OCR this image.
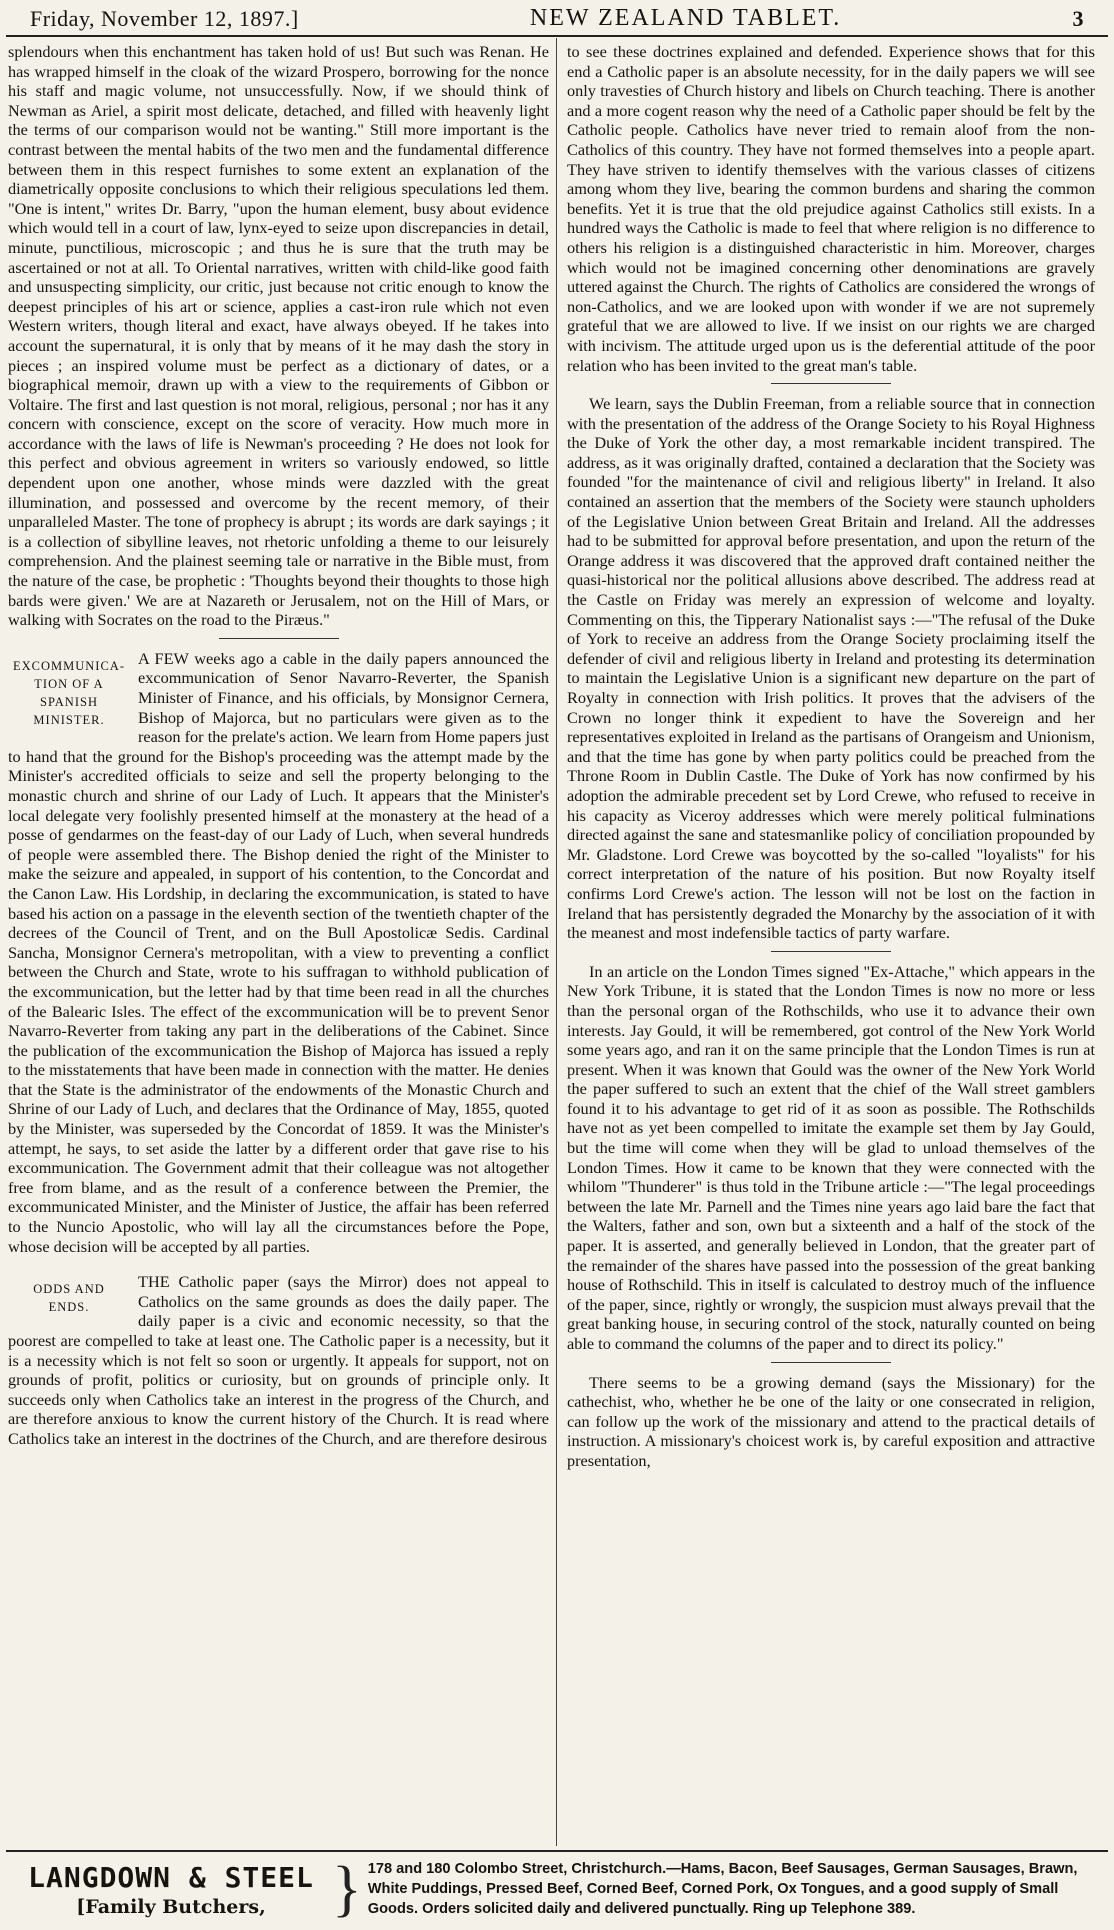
Friday, November 12, 1897.]	NEW ZEALAND TABLET.	3

splendours when this enchantment has taken hold of us! But such was Renan. He has wrapped himself in the cloak of the wizard Prospero, borrowing for the nonce his staff and magic volume, not unsuccessfully. Now, if we should think of Newman as Ariel, a spirit most delicate, detached, and filled with heavenly light the terms of our comparison would not be wanting." Still more important is the contrast between the mental habits of the two men and the fundamental difference between them in this respect furnishes to some extent an explanation of the diametrically opposite conclusions to which their religious speculations led them. "One is intent," writes Dr. Barry, "upon the human element, busy about evidence which would tell in a court of law, lynx-eyed to seize upon discrepancies in detail, minute, punctilious, microscopic ; and thus he is sure that the truth may be ascertained or not at all. To Oriental narratives, written with child-like good faith and unsuspecting simplicity, our critic, just because not critic enough to know the deepest principles of his art or science, applies a cast-iron rule which not even Western writers, though literal and exact, have always obeyed. If he takes into account the supernatural, it is only that by means of it he may dash the story in pieces ; an inspired volume must be perfect as a dictionary of dates, or a biographical memoir, drawn up with a view to the requirements of Gibbon or Voltaire. The first and last question is not moral, religious, personal ; nor has it any concern with conscience, except on the score of veracity. How much more in accordance with the laws of life is Newman's proceeding ? He does not look for this perfect and obvious agreement in writers so variously endowed, so little dependent upon one another, whose minds were dazzled with the great illumination, and possessed and overcome by the recent memory, of their unparalleled Master. The tone of prophecy is abrupt ; its words are dark sayings ; it is a collection of sibylline leaves, not rhetoric unfolding a theme to our leisurely comprehension. And the plainest seeming tale or narrative in the Bible must, from the nature of the case, be prophetic : 'Thoughts beyond their thoughts to those high bards were given.' We are at Nazareth or Jerusalem, not on the Hill of Mars, or walking with Socrates on the road to the Piræus."

EXCOMMUNICA-
TION OF A
SPANISH
MINISTER.

A FEW weeks ago a cable in the daily papers announced the excommunication of Senor Navarro-Reverter, the Spanish Minister of Finance, and his officials, by Monsignor Cernera, Bishop of Majorca, but no particulars were given as to the reason for the prelate's action. We learn from Home papers just to hand that the ground for the Bishop's proceeding was the attempt made by the Minister's accredited officials to seize and sell the property belonging to the monastic church and shrine of our Lady of Luch. It appears that the Minister's local delegate very foolishly presented himself at the monastery at the head of a posse of gendarmes on the feast-day of our Lady of Luch, when several hundreds of people were assembled there. The Bishop denied the right of the Minister to make the seizure and appealed, in support of his contention, to the Concordat and the Canon Law. His Lordship, in declaring the excommunication, is stated to have based his action on a passage in the eleventh section of the twentieth chapter of the decrees of the Council of Trent, and on the Bull Apostolicæ Sedis. Cardinal Sancha, Monsignor Cernera's metropolitan, with a view to preventing a conflict between the Church and State, wrote to his suffragan to withhold publication of the excommunication, but the letter had by that time been read in all the churches of the Balearic Isles. The effect of the excommunication will be to prevent Senor Navarro-Reverter from taking any part in the deliberations of the Cabinet. Since the publication of the excommunication the Bishop of Majorca has issued a reply to the misstatements that have been made in connection with the matter. He denies that the State is the administrator of the endowments of the Monastic Church and Shrine of our Lady of Luch, and declares that the Ordinance of May, 1855, quoted by the Minister, was superseded by the Concordat of 1859. It was the Minister's attempt, he says, to set aside the latter by a different order that gave rise to his excommunication. The Government admit that their colleague was not altogether free from blame, and as the result of a conference between the Premier, the excommunicated Minister, and the Minister of Justice, the affair has been referred to the Nuncio Apostolic, who will lay all the circumstances before the Pope, whose decision will be accepted by all parties.

ODDS AND
ENDS.

THE Catholic paper (says the Mirror) does not appeal to Catholics on the same grounds as does the daily paper. The daily paper is a civic and economic necessity, so that the poorest are compelled to take at least one. The Catholic paper is a necessity, but it is a necessity which is not felt so soon or urgently. It appeals for support, not on grounds of profit, politics or curiosity, but on grounds of principle only. It succeeds only when Catholics take an interest in the progress of the Church, and are therefore anxious to know the current history of the Church. It is read where Catholics take an interest in the doctrines of the Church, and are therefore desirous

to see these doctrines explained and defended. Experience shows that for this end a Catholic paper is an absolute necessity, for in the daily papers we will see only travesties of Church history and libels on Church teaching. There is another and a more cogent reason why the need of a Catholic paper should be felt by the Catholic people. Catholics have never tried to remain aloof from the non-Catholics of this country. They have not formed themselves into a people apart. They have striven to identify themselves with the various classes of citizens among whom they live, bearing the common burdens and sharing the common benefits. Yet it is true that the old prejudice against Catholics still exists. In a hundred ways the Catholic is made to feel that where religion is no difference to others his religion is a distinguished characteristic in him. Moreover, charges which would not be imagined concerning other denominations are gravely uttered against the Church. The rights of Catholics are considered the wrongs of non-Catholics, and we are looked upon with wonder if we are not supremely grateful that we are allowed to live. If we insist on our rights we are charged with incivism. The attitude urged upon us is the deferential attitude of the poor relation who has been invited to the great man's table.

We learn, says the Dublin Freeman, from a reliable source that in connection with the presentation of the address of the Orange Society to his Royal Highness the Duke of York the other day, a most remarkable incident transpired. The address, as it was originally drafted, contained a declaration that the Society was founded "for the maintenance of civil and religious liberty" in Ireland. It also contained an assertion that the members of the Society were staunch upholders of the Legislative Union between Great Britain and Ireland. All the addresses had to be submitted for approval before presentation, and upon the return of the Orange address it was discovered that the approved draft contained neither the quasi-historical nor the political allusions above described. The address read at the Castle on Friday was merely an expression of welcome and loyalty. Commenting on this, the Tipperary Nationalist says :—"The refusal of the Duke of York to receive an address from the Orange Society proclaiming itself the defender of civil and religious liberty in Ireland and protesting its determination to maintain the Legislative Union is a significant new departure on the part of Royalty in connection with Irish politics. It proves that the advisers of the Crown no longer think it expedient to have the Sovereign and her representatives exploited in Ireland as the partisans of Orangeism and Unionism, and that the time has gone by when party politics could be preached from the Throne Room in Dublin Castle. The Duke of York has now confirmed by his adoption the admirable precedent set by Lord Crewe, who refused to receive in his capacity as Viceroy addresses which were merely political fulminations directed against the sane and statesmanlike policy of conciliation propounded by Mr. Gladstone. Lord Crewe was boycotted by the so-called "loyalists" for his correct interpretation of the nature of his position. But now Royalty itself confirms Lord Crewe's action. The lesson will not be lost on the faction in Ireland that has persistently degraded the Monarchy by the association of it with the meanest and most indefensible tactics of party warfare.

In an article on the London Times signed "Ex-Attache," which appears in the New York Tribune, it is stated that the London Times is now no more or less than the personal organ of the Rothschilds, who use it to advance their own interests. Jay Gould, it will be remembered, got control of the New York World some years ago, and ran it on the same principle that the London Times is run at present. When it was known that Gould was the owner of the New York World the paper suffered to such an extent that the chief of the Wall street gamblers found it to his advantage to get rid of it as soon as possible. The Rothschilds have not as yet been compelled to imitate the example set them by Jay Gould, but the time will come when they will be glad to unload themselves of the London Times. How it came to be known that they were connected with the whilom "Thunderer" is thus told in the Tribune article :—"The legal proceedings between the late Mr. Parnell and the Times nine years ago laid bare the fact that the Walters, father and son, own but a sixteenth and a half of the stock of the paper. It is asserted, and generally believed in London, that the greater part of the remainder of the shares have passed into the possession of the great banking house of Rothschild. This in itself is calculated to destroy much of the influence of the paper, since, rightly or wrongly, the suspicion must always prevail that the great banking house, in securing control of the stock, naturally counted on being able to command the columns of the paper and to direct its policy."

There seems to be a growing demand (says the Missionary) for the cathechist, who, whether he be one of the laity or one consecrated in religion, can follow up the work of the missionary and attend to the practical details of instruction. A missionary's choicest work is, by careful exposition and attractive presentation,

LANGDOWN & STEEL
[Family Butchers,	} 178 and 180 Colombo Street, Christchurch.—Hams, Bacon, Beef Sausages, German Sausages, Brawn, White Puddings, Pressed Beef, Corned Beef, Corned Pork, Ox Tongues, and a good supply of Small Goods. Orders solicited daily and delivered punctually. Ring up Telephone 389.
